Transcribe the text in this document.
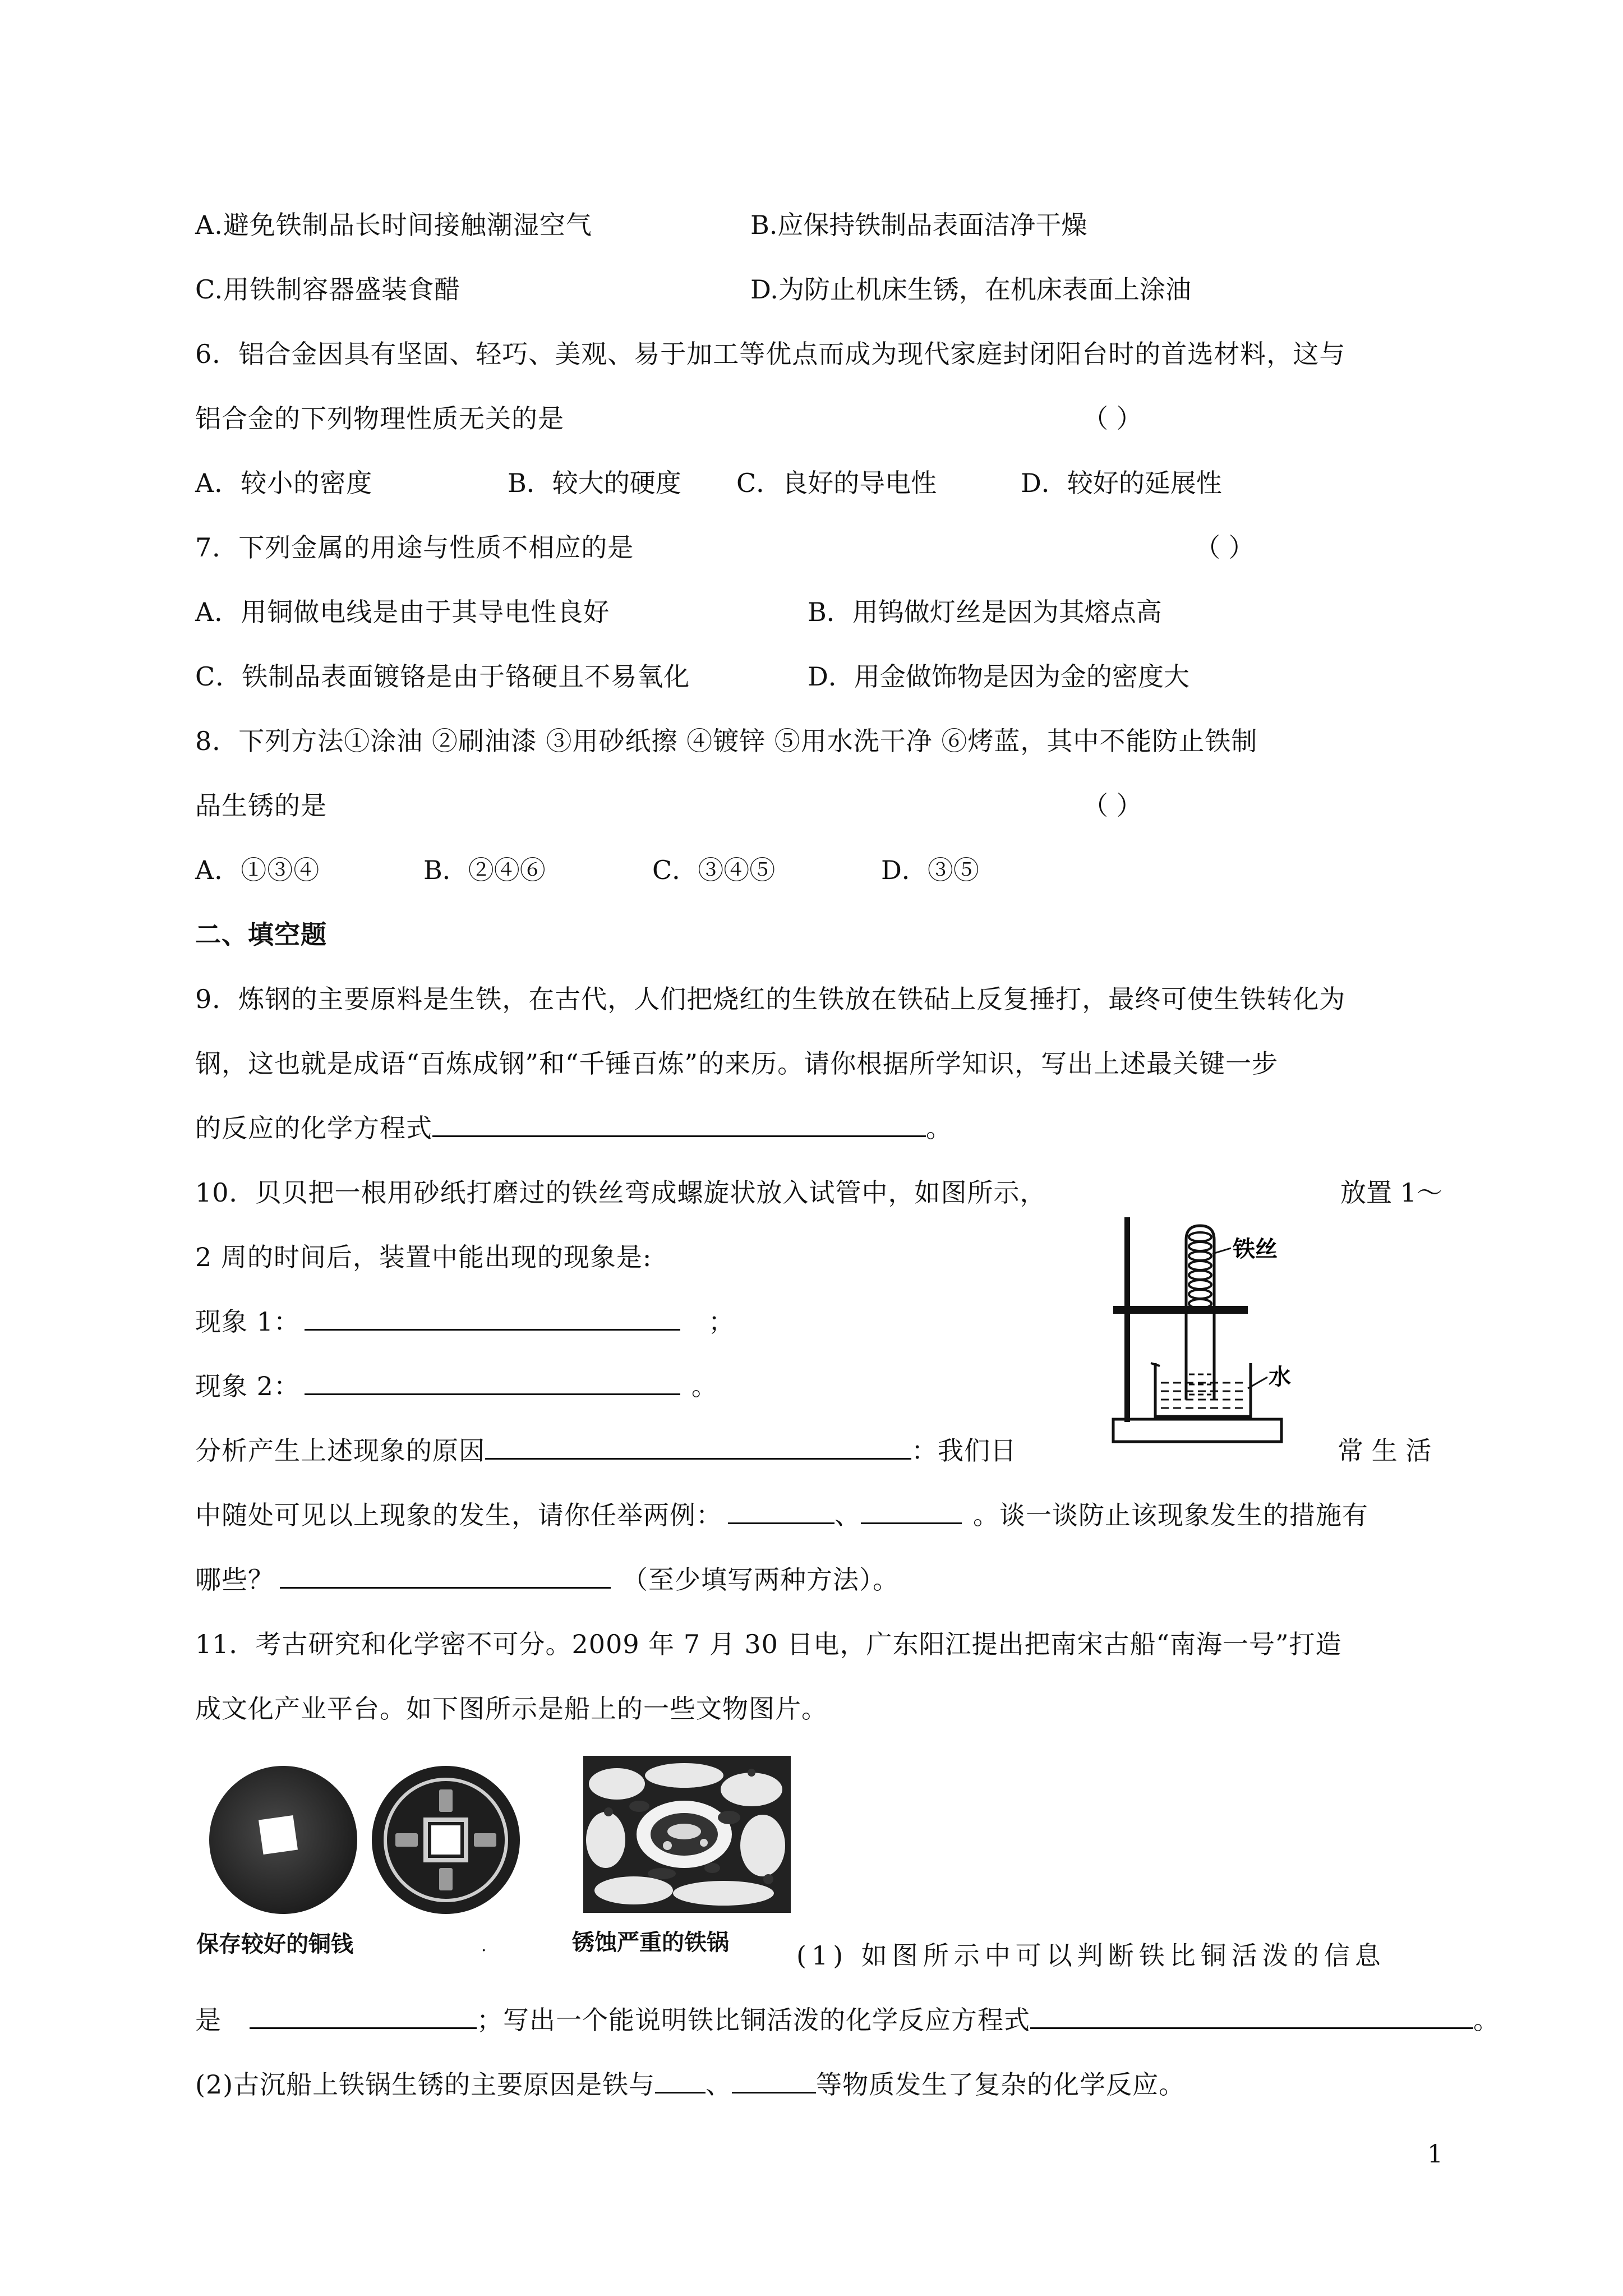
A.避免铁制品长时间接触潮湿空气	B.应保持铁制品表面洁净干燥
C.用铁制容器盛装食醋	D.为防止机床生锈，在机床表面上涂油
6．铝合金因具有坚固、轻巧、美观、易于加工等优点而成为现代家庭封闭阳台时的首选材料，这与
铝合金的下列物理性质无关的是	（ ）
A．较小的密度	B．较大的硬度 C．良好的导电性	D．较好的延展性
7．下列金属的用途与性质不相应的是	（ ）
A．用铜做电线是由于其导电性良好	B．用钨做灯丝是因为其熔点高
C．铁制品表面镀铬是由于铬硬且不易氧化	D．用金做饰物是因为金的密度大
8．下列方法①涂油 ②刷油漆 ③用砂纸擦 ④镀锌 ⑤用水洗干净 ⑥烤蓝，其中不能防止铁制
品生锈的是	（ ）
A．①③④	B．②④⑥	C．③④⑤	D．③⑤
二、填空题
9．炼钢的主要原料是生铁，在古代，人们把烧红的生铁放在铁砧上反复捶打，最终可使生铁转化为
钢，这也就是成语“百炼成钢”和“千锤百炼”的来历。请你根据所学知识，写出上述最关键一步
的反应的化学方程式	。
10．贝贝把一根用砂纸打磨过的铁丝弯成螺旋状放入试管中，如图所示，	放置 1～
2 周的时间后，装置中能出现的现象是:
现象 1：	；
现象 2：	。
分析产生上述现象的原因	：我们日	常 生 活
中随处可见以上现象的发生，请你任举两例：	、	。谈一谈防止该现象发生的措施有
哪些？	（至少填写两种方法）。
铁丝
水
11．考古研究和化学密不可分。2009 年 7 月 30 日电，广东阳江提出把南宋古船“南海一号”打造
成文化产业平台。如下图所示是船上的一些文物图片。
保存较好的铜钱	.	锈蚀严重的铁锅	(1) 如图所示中可以判断铁比铜活泼的信息
是	；写出一个能说明铁比铜活泼的化学反应方程式	。
(2)古沉船上铁锅生锈的主要原因是铁与 、	等物质发生了复杂的化学反应。
1
